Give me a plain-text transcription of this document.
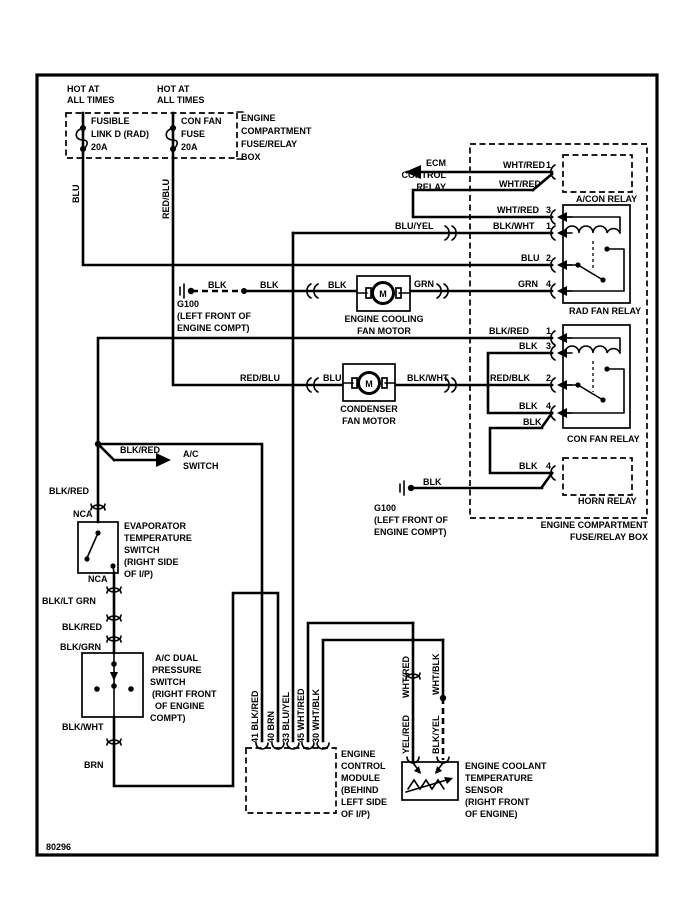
HOT AT
ALL TIMES
HOT AT
ALL TIMES
FUSIBLE
LINK D (RAD)
20A
CON FAN
FUSE
20A
ENGINE
COMPARTMENT
FUSE/RELAY
BOX
BLU	RED/BLU
ECM
CONTROL
RELAY
WHT/RED 1
WHT/RED
A/CON RELAY
WHT/RED 3
BLU/YEL	BLK/WHT 1
BLU 2
GRN	GRN 4
RAD FAN RELAY
BLK	BLK	BLK
M
ENGINE COOLING
FAN MOTOR
G100
(LEFT FRONT OF
ENGINE COMPT)
RED/BLU	BLU
M
BLK/WHT
CONDENSER
FAN MOTOR
BLK/RED 1
BLK 3
RED/BLK 2
BLK 4
BLK
CON FAN RELAY
BLK 4
BLK
HORN RELAY
G100
(LEFT FRONT OF
ENGINE COMPT)
ENGINE COMPARTMENT
FUSE/RELAY BOX
BLK/RED	A/C
SWITCH
BLK/RED
NCA
EVAPORATOR
TEMPERATURE
SWITCH
(RIGHT SIDE
OF I/P)
NCA
BLK/LT GRN
BLK/RED
BLK/GRN
A/C DUAL
PRESSURE
SWITCH
(RIGHT FRONT
OF ENGINE
COMPT)
BLK/WHT
BRN
41 BLK/RED 40 BRN 33 BLU/YEL 45 WHT/RED 30 WHT/BLK
ENGINE
CONTROL
MODULE
(BEHIND
LEFT SIDE
OF I/P)
WHT/RED
YEL/RED
WHT/BLK
BLK/YEL
ENGINE COOLANT
TEMPERATURE
SENSOR
(RIGHT FRONT
OF ENGINE)
80296
